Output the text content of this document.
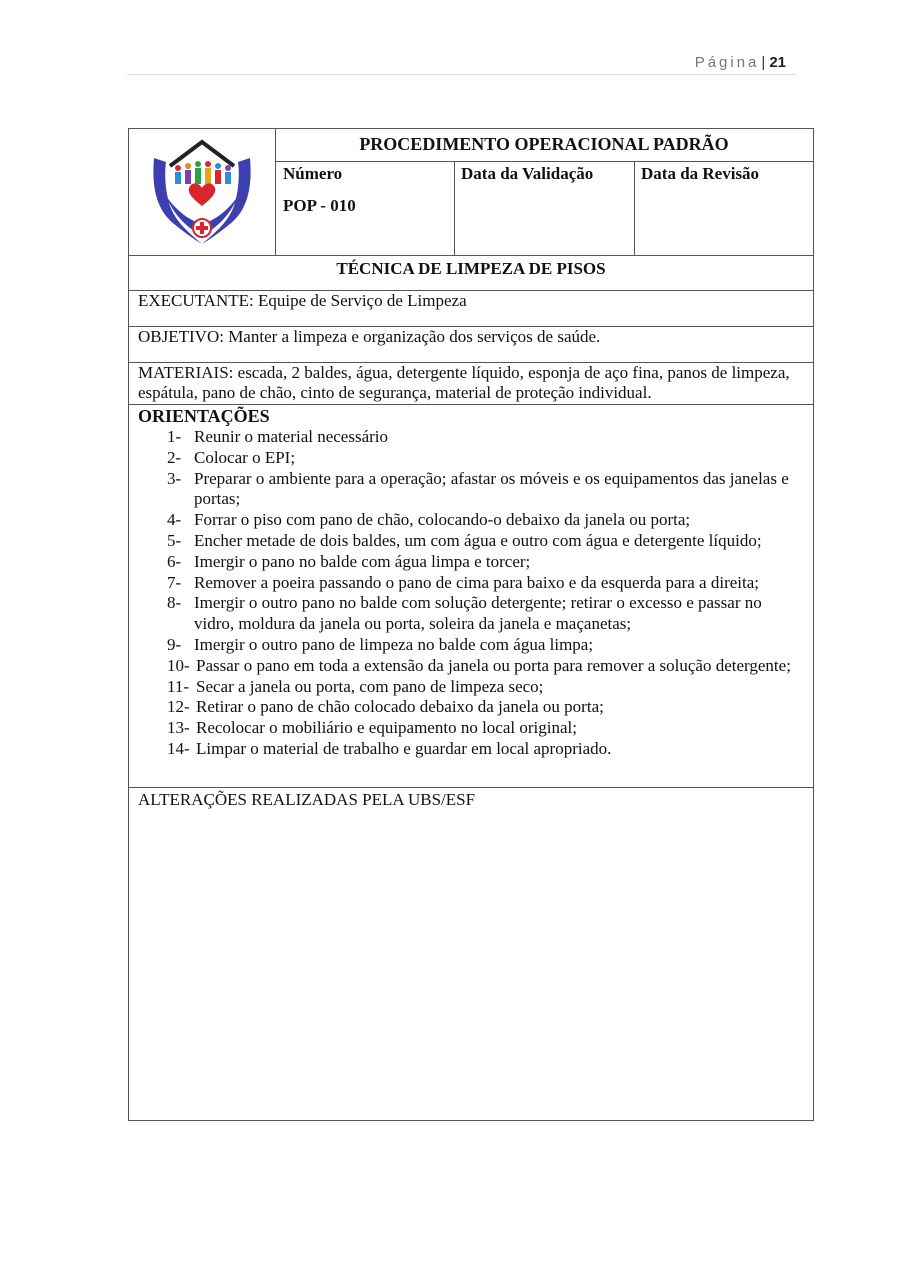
Página | 21
PROCEDIMENTO OPERACIONAL PADRÃO
Número
POP - 010
Data da Validação	Data da Revisão
TÉCNICA DE LIMPEZA DE PISOS
EXECUTANTE: Equipe de Serviço de Limpeza
OBJETIVO: Manter a limpeza e organização dos serviços de saúde.
MATERIAIS: escada, 2 baldes, água, detergente líquido, esponja de aço fina, panos de limpeza, espátula, pano de chão, cinto de segurança, material de proteção individual.
ORIENTAÇÕES
1- Reunir o material necessário
2- Colocar o EPI;
3- Preparar o ambiente para a operação; afastar os móveis e os equipamentos das janelas e portas;
4- Forrar o piso com pano de chão, colocando-o debaixo da janela ou porta;
5- Encher metade de dois baldes, um com água e outro com água e detergente líquido;
6- Imergir o pano no balde com água limpa e torcer;
7- Remover a poeira passando o pano de cima para baixo e da esquerda para a direita;
8- Imergir o outro pano no balde com solução detergente; retirar o excesso e passar no vidro, moldura da janela ou porta, soleira da janela e maçanetas;
9- Imergir o outro pano de limpeza no balde com água limpa;
10- Passar o pano em toda a extensão da janela ou porta para remover a solução detergente;
11- Secar a janela ou porta, com pano de limpeza seco;
12- Retirar o pano de chão colocado debaixo da janela ou porta;
13- Recolocar o mobiliário e equipamento no local original;
14- Limpar o material de trabalho e guardar em local apropriado.
ALTERAÇÕES REALIZADAS PELA UBS/ESF
